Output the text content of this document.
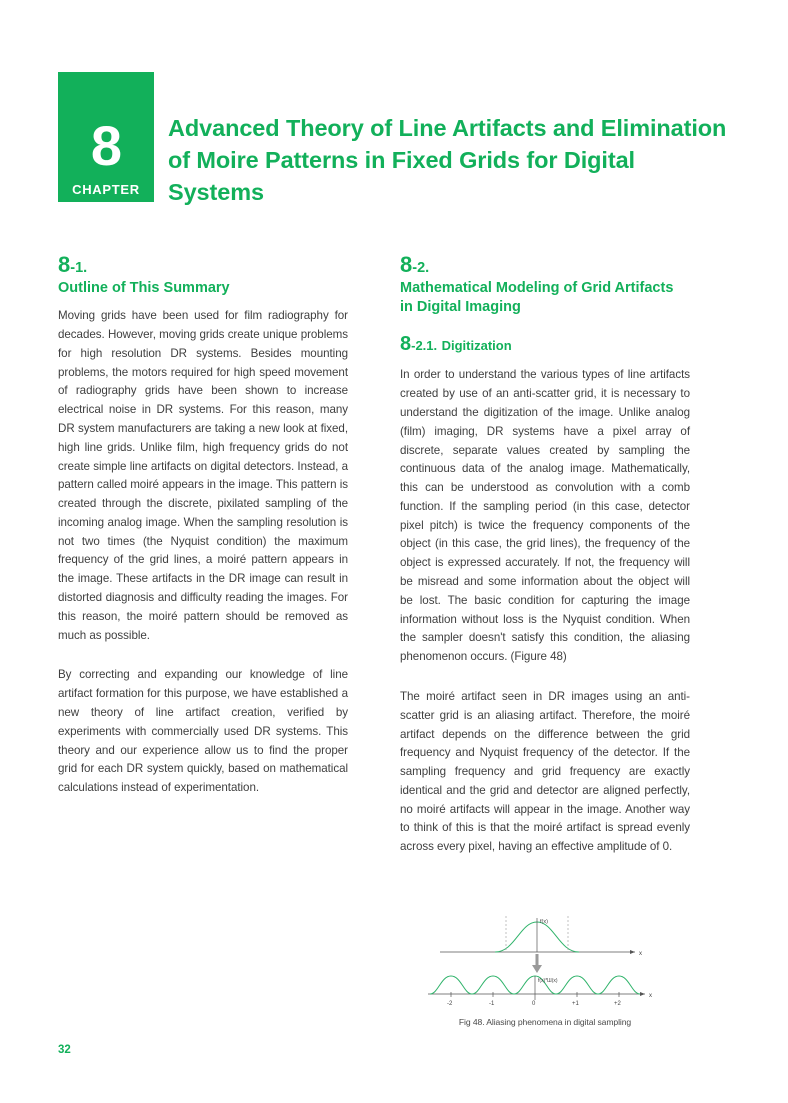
8
CHAPTER
Advanced Theory of Line Artifacts and Elimination of Moire Patterns in Fixed Grids for Digital Systems
8-1.
Outline of This Summary

Moving grids have been used for film radiography for decades. However, moving grids create unique problems for high resolution DR systems. Besides mounting problems, the motors required for high speed movement of radiography grids have been shown to increase electrical noise in DR systems. For this reason, many DR system manufacturers are taking a new look at fixed, high line grids. Unlike film, high frequency grids do not create simple line artifacts on digital detectors. Instead, a pattern called moiré appears in the image. This pattern is created through the discrete, pixilated sampling of the incoming analog image. When the sampling resolution is not two times (the Nyquist condition) the maximum frequency of the grid lines, a moiré pattern appears in the image. These artifacts in the DR image can result in distorted diagnosis and difficulty reading the images. For this reason, the moiré pattern should be removed as much as possible.

By correcting and expanding our knowledge of line artifact formation for this purpose, we have established a new theory of line artifact creation, verified by experiments with commercially used DR systems. This theory and our experience allow us to find the proper grid for each DR system quickly, based on mathematical calculations instead of experimentation.

8-2.
Mathematical Modeling of Grid Artifacts in Digital Imaging
8-2.1. Digitization

In order to understand the various types of line artifacts created by use of an anti-scatter grid, it is necessary to understand the digitization of the image. Unlike analog (film) imaging, DR systems have a pixel array of discrete, separate values created by sampling the continuous data of the analog image. Mathematically, this can be understood as convolution with a comb function. If the sampling period (in this case, detector pixel pitch) is twice the frequency components of the object (in this case, the grid lines), the frequency of the object is expressed accurately. If not, the frequency will be misread and some information about the object will be lost. The basic condition for capturing the image information without loss is the Nyquist condition. When the sampler doesn't satisfy this condition, the aliasing phenomenon occurs. (Figure 48)

The moiré artifact seen in DR images using an anti-scatter grid is an aliasing artifact. Therefore, the moiré artifact depends on the difference between the grid frequency and Nyquist frequency of the detector. If the sampling frequency and grid frequency are exactly identical and the grid and detector are aligned perfectly, no moiré artifacts will appear in the image. Another way to think of this is that the moiré artifact is spread evenly across every pixel, having an effective amplitude of 0.

x
f(x)
x
f(x)*Ш(x)
-2	-1	0	+1	+2
Fig 48. Aliasing phenomena in digital sampling
32
